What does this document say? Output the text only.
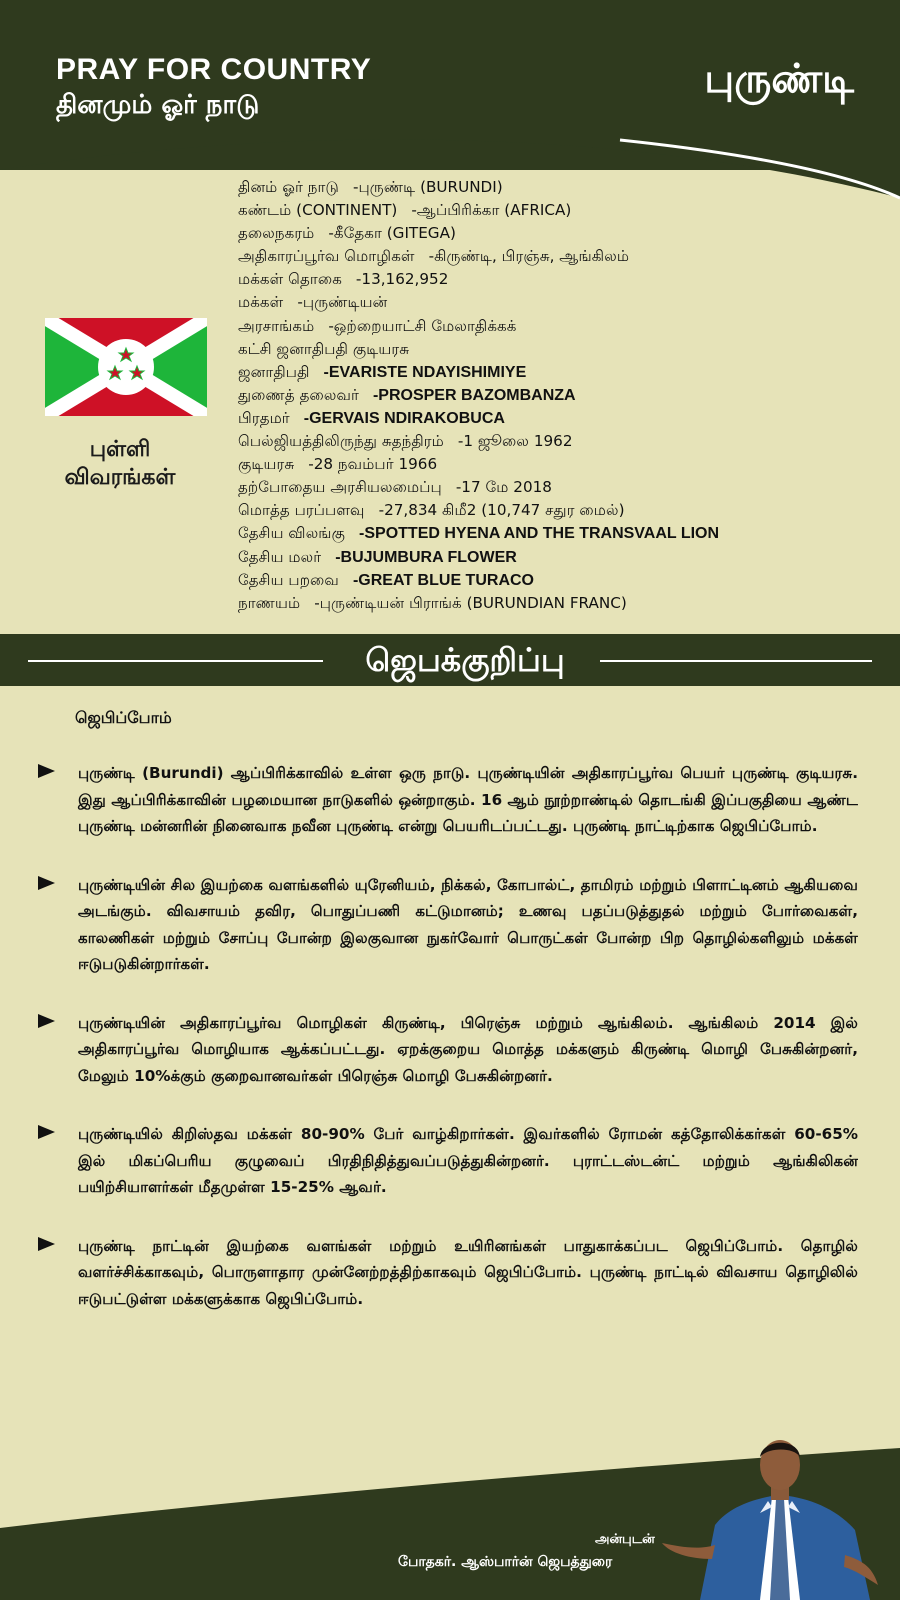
PRAY FOR COUNTRY
தினமும் ஓர் நாடு
புருண்டி
புள்ளி
விவரங்கள்
தினம் ஓர் நாடு -புருண்டி (BURUNDI)
கண்டம் (CONTINENT) -ஆப்பிரிக்கா (AFRICA)
தலைநகரம் -கீதேகா (GITEGA)
அதிகாரப்பூர்வ மொழிகள் -கிருண்டி, பிரஞ்சு, ஆங்கிலம்
மக்கள் தொகை -13,162,952
மக்கள் -புருண்டியன்
அரசாங்கம் -ஒற்றையாட்சி மேலாதிக்கக்
கட்சி ஜனாதிபதி குடியரசு
ஜனாதிபதி -EVARISTE NDAYISHIMIYE
துணைத் தலைவர் -PROSPER BAZOMBANZA
பிரதமர் -GERVAIS NDIRAKOBUCA
பெல்ஜியத்திலிருந்து சுதந்திரம் -1 ஜூலை 1962
குடியரசு -28 நவம்பர் 1966
தற்போதைய அரசியலமைப்பு -17 மே 2018
மொத்த பரப்பளவு -27,834 கிமீ2 (10,747 சதுர மைல்)
தேசிய விலங்கு -SPOTTED HYENA AND THE TRANSVAAL LION
தேசிய மலர் -BUJUMBURA FLOWER
தேசிய பறவை -GREAT BLUE TURACO
நாணயம் -புருண்டியன் பிராங்க் (BURUNDIAN FRANC)
ஜெபக்குறிப்பு
ஜெபிப்போம்
புருண்டி (Burundi) ஆப்பிரிக்காவில் உள்ள ஒரு நாடு. புருண்டியின் அதிகாரப்பூர்வ பெயர் புருண்டி குடியரசு. இது ஆப்பிரிக்காவின் பழமையான நாடுகளில் ஒன்றாகும். 16 ஆம் நூற்றாண்டில் தொடங்கி இப்பகுதியை ஆண்ட புருண்டி மன்னரின் நினைவாக நவீன புருண்டி என்று பெயரிடப்பட்டது. புருண்டி நாட்டிற்காக ஜெபிப்போம்.
புருண்டியின் சில இயற்கை வளங்களில் யுரேனியம், நிக்கல், கோபால்ட், தாமிரம் மற்றும் பிளாட்டினம் ஆகியவை அடங்கும். விவசாயம் தவிர, பொதுப்பணி கட்டுமானம்; உணவு பதப்படுத்துதல் மற்றும் போர்வைகள், காலணிகள் மற்றும் சோப்பு போன்ற இலகுவான நுகர்வோர் பொருட்கள் போன்ற பிற தொழில்களிலும் மக்கள் ஈடுபடுகின்றார்கள்.
புருண்டியின் அதிகாரப்பூர்வ மொழிகள் கிருண்டி, பிரெஞ்சு மற்றும் ஆங்கிலம். ஆங்கிலம் 2014 இல் அதிகாரப்பூர்வ மொழியாக ஆக்கப்பட்டது. ஏறக்குறைய மொத்த மக்களும் கிருண்டி மொழி பேசுகின்றனர், மேலும் 10%க்கும் குறைவானவர்கள் பிரெஞ்சு மொழி பேசுகின்றனர்.
புருண்டியில் கிறிஸ்தவ மக்கள் 80-90% பேர் வாழ்கிறார்கள். இவர்களில் ரோமன் கத்தோலிக்கர்கள் 60-65% இல் மிகப்பெரிய குழுவைப் பிரதிநிதித்துவப்படுத்துகின்றனர். புராட்டஸ்டன்ட் மற்றும் ஆங்கிலிகன் பயிற்சியாளர்கள் மீதமுள்ள 15-25% ஆவர்.
புருண்டி நாட்டின் இயற்கை வளங்கள் மற்றும் உயிரினங்கள் பாதுகாக்கப்பட ஜெபிப்போம். தொழில் வளர்ச்சிக்காகவும், பொருளாதார முன்னேற்றத்திற்காகவும் ஜெபிப்போம். புருண்டி நாட்டில் விவசாய தொழிலில் ஈடுபட்டுள்ள மக்களுக்காக ஜெபிப்போம்.
அன்புடன்
போதகர். ஆஸ்பார்ன் ஜெபத்துரை
